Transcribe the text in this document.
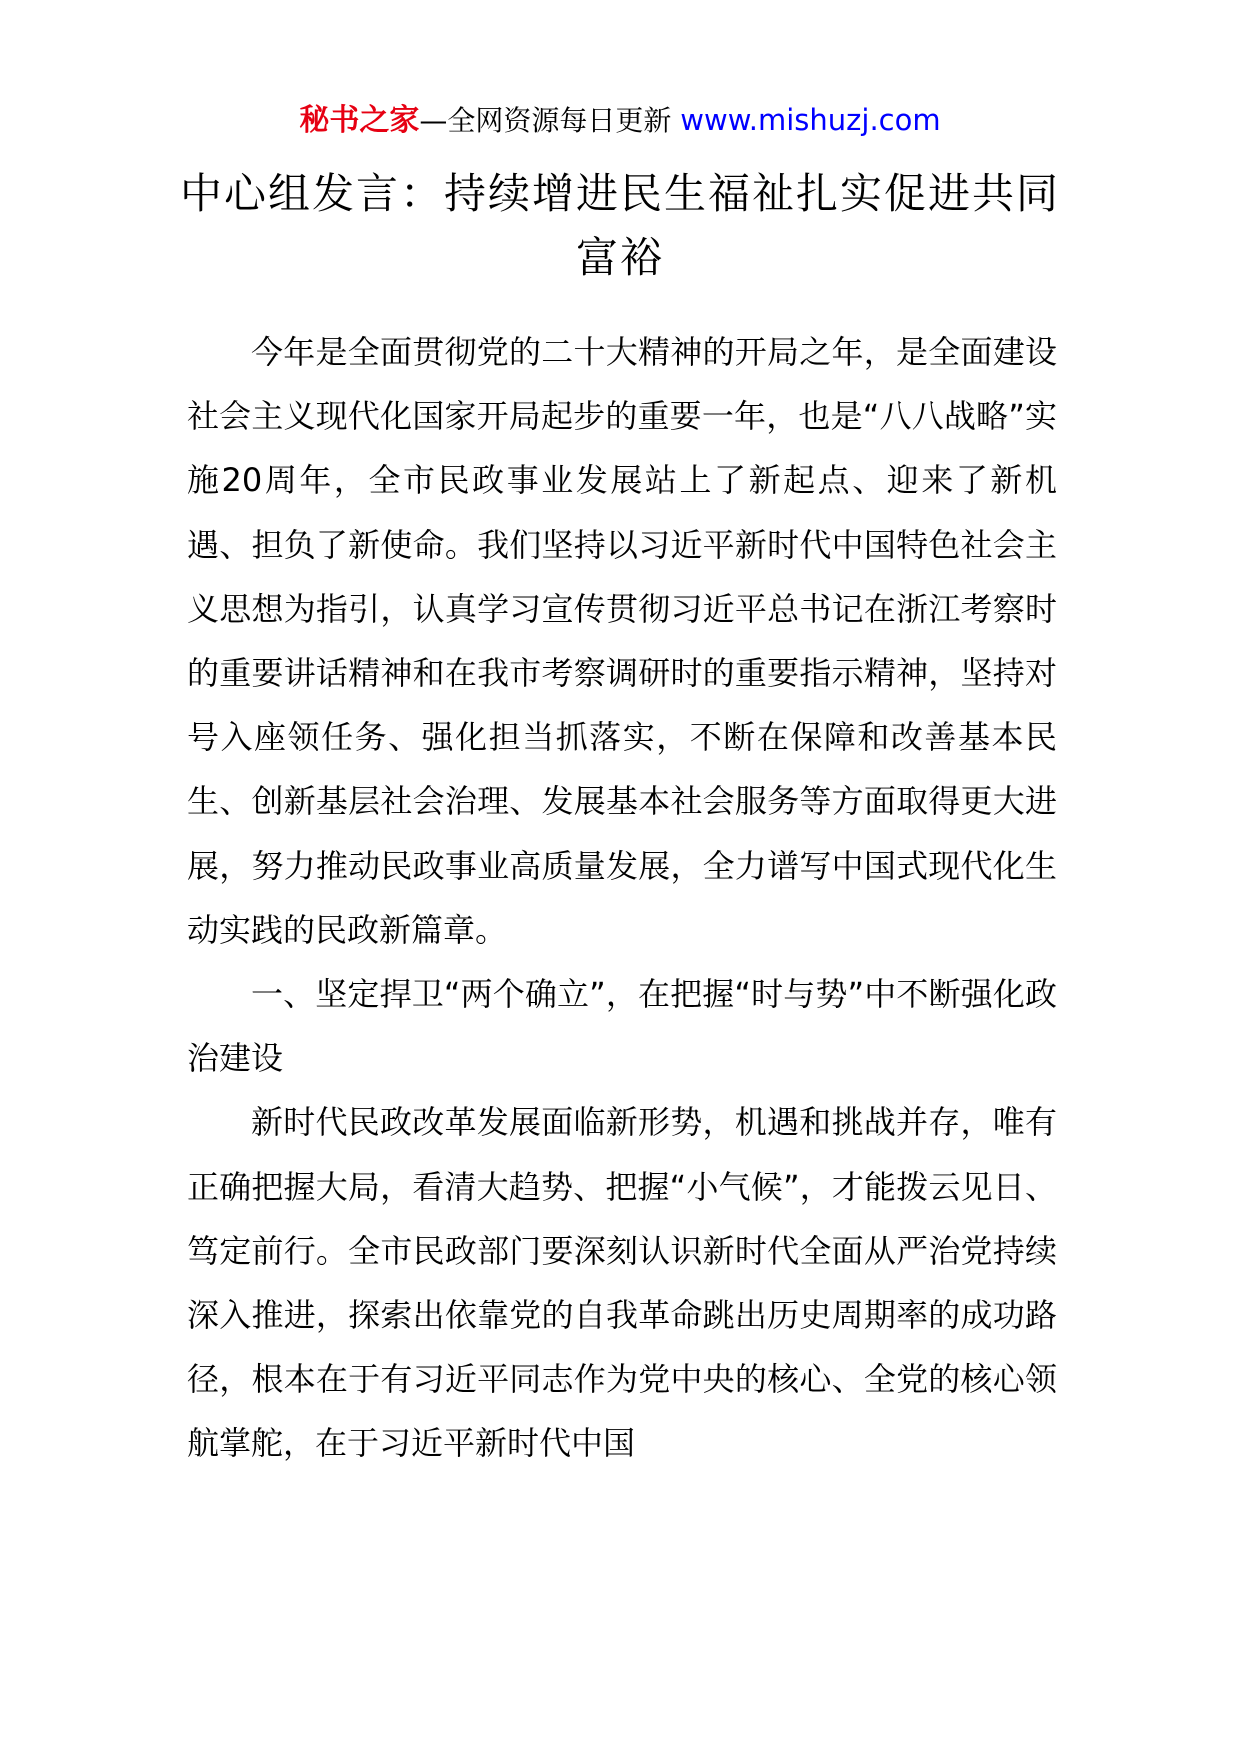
秘书之家—全网资源每日更新 www.mishuzj.com
中心组发言：持续增进民生福祉扎实促进共同富裕

今年是全面贯彻党的二十大精神的开局之年，是全面建设社会主义现代化国家开局起步的重要一年，也是“八八战略”实施20周年，全市民政事业发展站上了新起点、迎来了新机遇、担负了新使命。我们坚持以习近平新时代中国特色社会主义思想为指引，认真学习宣传贯彻习近平总书记在浙江考察时的重要讲话精神和在我市考察调研时的重要指示精神，坚持对号入座领任务、强化担当抓落实，不断在保障和改善基本民生、创新基层社会治理、发展基本社会服务等方面取得更大进展，努力推动民政事业高质量发展，全力谱写中国式现代化生动实践的民政新篇章。

一、坚定捍卫“两个确立”，在把握“时与势”中不断强化政治建设

新时代民政改革发展面临新形势，机遇和挑战并存，唯有正确把握大局，看清大趋势、把握“小气候”，才能拨云见日、笃定前行。全市民政部门要深刻认识新时代全面从严治党持续深入推进，探索出依靠党的自我革命跳出历史周期率的成功路径，根本在于有习近平同志作为党中央的核心、全党的核心领航掌舵，在于习近平新时代中国
